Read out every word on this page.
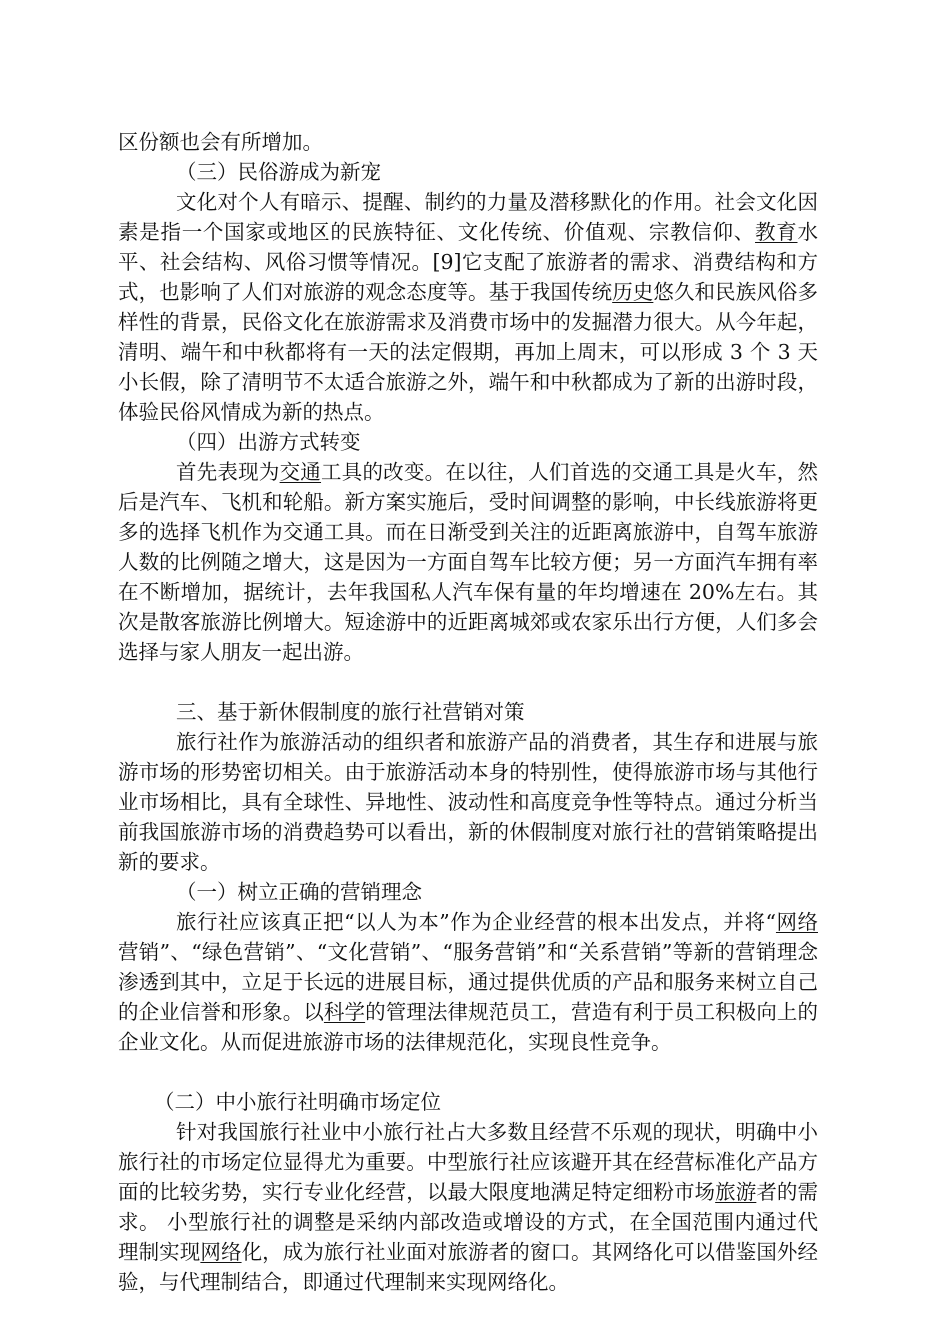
区份额也会有所增加。

（三）民俗游成为新宠

文化对个人有暗示、提醒、制约的力量及潜移默化的作用。社会文化因素是指一个国家或地区的民族特征、文化传统、价值观、宗教信仰、教育水平、社会结构、风俗习惯等情况。[9]它支配了旅游者的需求、消费结构和方式，也影响了人们对旅游的观念态度等。基于我国传统历史悠久和民族风俗多样性的背景，民俗文化在旅游需求及消费市场中的发掘潜力很大。从今年起，清明、端午和中秋都将有一天的法定假期，再加上周末，可以形成 3 个 3 天小长假，除了清明节不太适合旅游之外，端午和中秋都成为了新的出游时段，体验民俗风情成为新的热点。

（四）出游方式转变

首先表现为交通工具的改变。在以往，人们首选的交通工具是火车，然后是汽车、飞机和轮船。新方案实施后，受时间调整的影响，中长线旅游将更多的选择飞机作为交通工具。而在日渐受到关注的近距离旅游中，自驾车旅游人数的比例随之增大，这是因为一方面自驾车比较方便；另一方面汽车拥有率在不断增加，据统计，去年我国私人汽车保有量的年均增速在 20%左右。其次是散客旅游比例增大。短途游中的近距离城郊或农家乐出行方便，人们多会选择与家人朋友一起出游。

三、基于新休假制度的旅行社营销对策

旅行社作为旅游活动的组织者和旅游产品的消费者，其生存和进展与旅游市场的形势密切相关。由于旅游活动本身的特别性，使得旅游市场与其他行业市场相比，具有全球性、异地性、波动性和高度竞争性等特点。通过分析当前我国旅游市场的消费趋势可以看出，新的休假制度对旅行社的营销策略提出新的要求。

（一）树立正确的营销理念

旅行社应该真正把“以人为本”作为企业经营的根本出发点，并将“网络营销”、“绿色营销”、“文化营销”、“服务营销”和“关系营销”等新的营销理念渗透到其中，立足于长远的进展目标，通过提供优质的产品和服务来树立自己的企业信誉和形象。以科学的管理法律规范员工，营造有利于员工积极向上的企业文化。从而促进旅游市场的法律规范化，实现良性竞争。

（二）中小旅行社明确市场定位

针对我国旅行社业中小旅行社占大多数且经营不乐观的现状，明确中小旅行社的市场定位显得尤为重要。中型旅行社应该避开其在经营标准化产品方面的比较劣势，实行专业化经营，以最大限度地满足特定细粉市场旅游者的需求。 小型旅行社的调整是采纳内部改造或增设的方式，在全国范围内通过代理制实现网络化，成为旅行社业面对旅游者的窗口。其网络化可以借鉴国外经验，与代理制结合，即通过代理制来实现网络化。
